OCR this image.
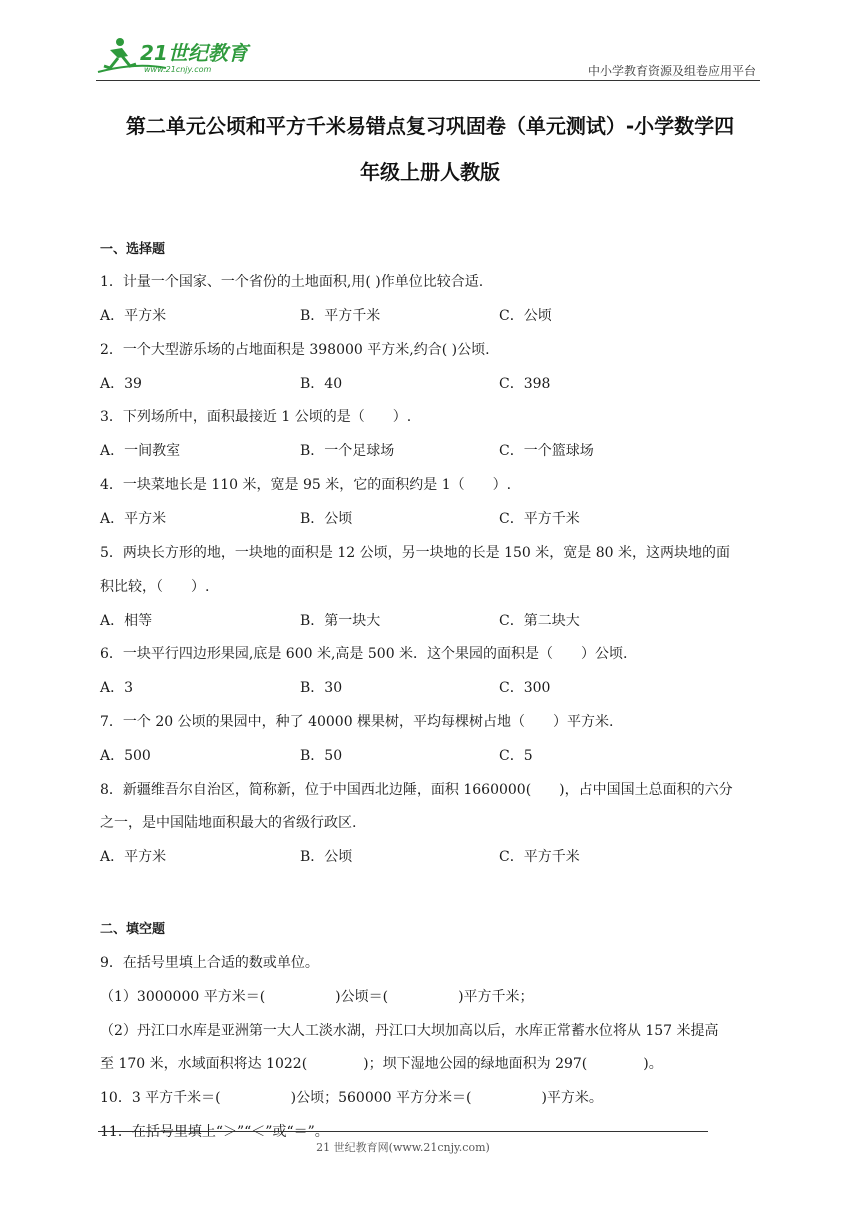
21世纪教育
www.21cnjy.com	中小学教育资源及组卷应用平台
第二单元公顷和平方千米易错点复习巩固卷（单元测试）-小学数学四
年级上册人教版
一、选择题
1．计量一个国家、一个省份的土地面积,用( )作单位比较合适.
A．平方米	B．平方千米	C．公顷
2．一个大型游乐场的占地面积是 398000 平方米,约合( )公顷.
A．39	B．40	C．398
3．下列场所中，面积最接近 1 公顷的是（　　）.
A．一间教室	B．一个足球场	C．一个篮球场
4．一块菜地长是 110 米，宽是 95 米，它的面积约是 1（　　）.
A．平方米	B．公顷	C．平方千米
5．两块长方形的地，一块地的面积是 12 公顷，另一块地的长是 150 米，宽是 80 米，这两块地的面
积比较，（　　）.
A．相等	B．第一块大	C．第二块大
6．一块平行四边形果园,底是 600 米,高是 500 米．这个果园的面积是（　　）公顷.
A．3	B．30	C．300
7．一个 20 公顷的果园中，种了 40000 棵果树，平均每棵树占地（　　）平方米.
A．500	B．50	C．5
8．新疆维吾尔自治区，简称新，位于中国西北边陲，面积 1660000(　　)，占中国国土总面积的六分
之一，是中国陆地面积最大的省级行政区.
A．平方米	B．公顷	C．平方千米
二、填空题
9．在括号里填上合适的数或单位。
（1）3000000 平方米＝(　　　　　)公顷＝(　　　　　)平方千米；
（2）丹江口水库是亚洲第一大人工淡水湖，丹江口大坝加高以后，水库正常蓄水位将从 157 米提高
至 170 米，水域面积将达 1022(　　　　)；坝下湿地公园的绿地面积为 297(　　　　)。
10．3 平方千米＝(　　　　　)公顷；560000 平方分米＝(　　　　　)平方米。
11．在括号里填上“＞”“＜”或“＝”。
21 世纪教育网(www.21cnjy.com)
